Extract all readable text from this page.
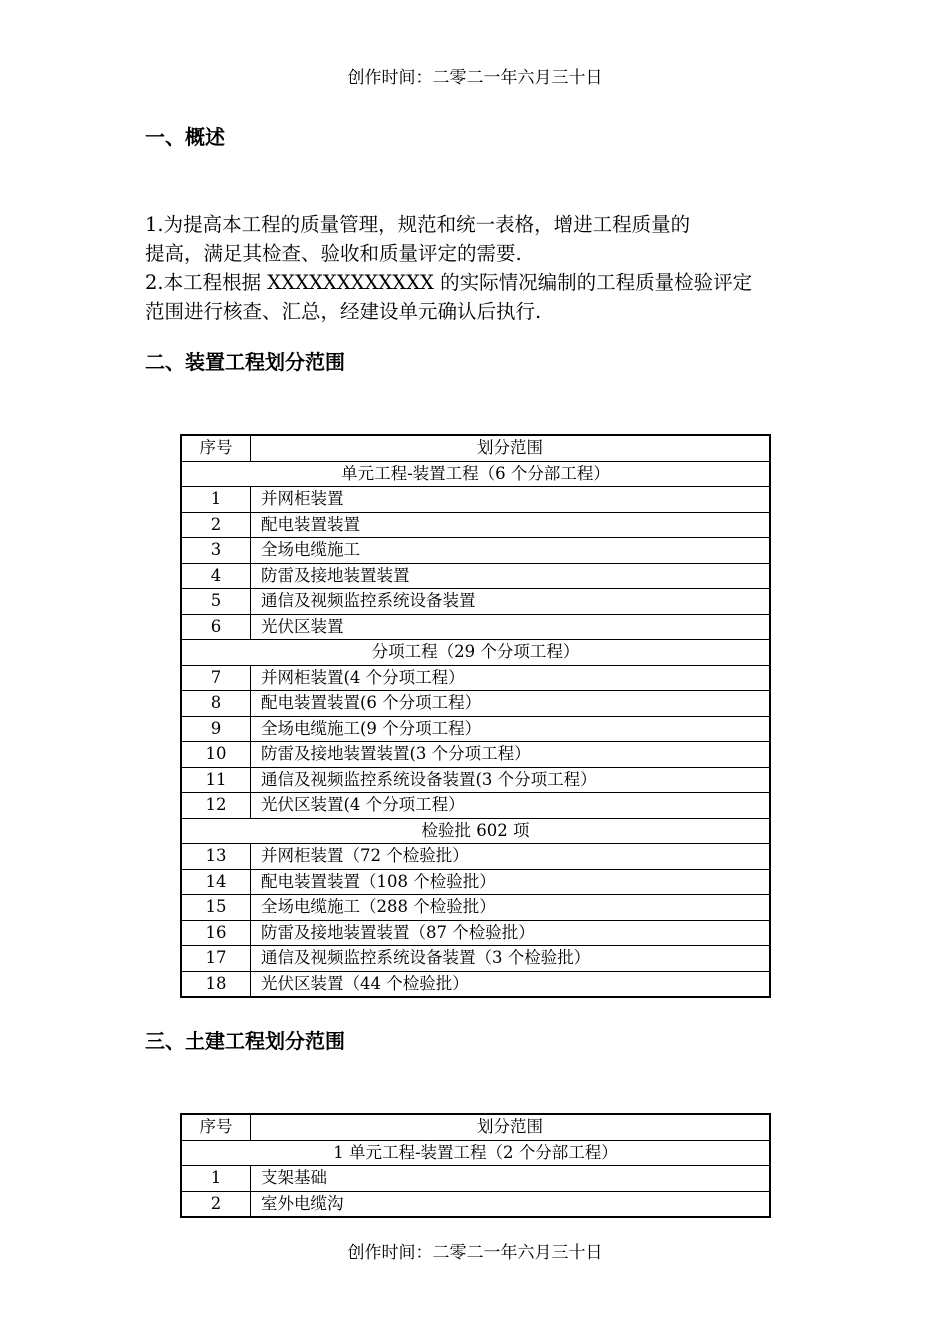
创作时间：二零二一年六月三十日
一、概述
1.为提高本工程的质量管理，规范和统一表格，增进工程质量的
提高，满足其检查、验收和质量评定的需要.
2.本工程根据 XXXXXXXXXXXX 的实际情况编制的工程质量检验评定
范围进行核查、汇总，经建设单元确认后执行.
二、装置工程划分范围
序号	划分范围
单元工程-装置工程（6 个分部工程）	
1	并网柜装置
2	配电装置装置
3	全场电缆施工
4	防雷及接地装置装置
5	通信及视频监控系统设备装置
6	光伏区装置
分项工程（29 个分项工程）	
7	并网柜装置(4 个分项工程）
8	配电装置装置(6 个分项工程）
9	全场电缆施工(9 个分项工程）
10	防雷及接地装置装置(3 个分项工程）
11	通信及视频监控系统设备装置(3 个分项工程）
12	光伏区装置(4 个分项工程）
检验批 602 项	
13	并网柜装置（72 个检验批）
14	配电装置装置（108 个检验批）
15	全场电缆施工（288 个检验批）
16	防雷及接地装置装置（87 个检验批）
17	通信及视频监控系统设备装置（3 个检验批）
18	光伏区装置（44 个检验批）
三、土建工程划分范围
序号	划分范围
1 单元工程-装置工程（2 个分部工程）	
1	支架基础
2	室外电缆沟
创作时间：二零二一年六月三十日
